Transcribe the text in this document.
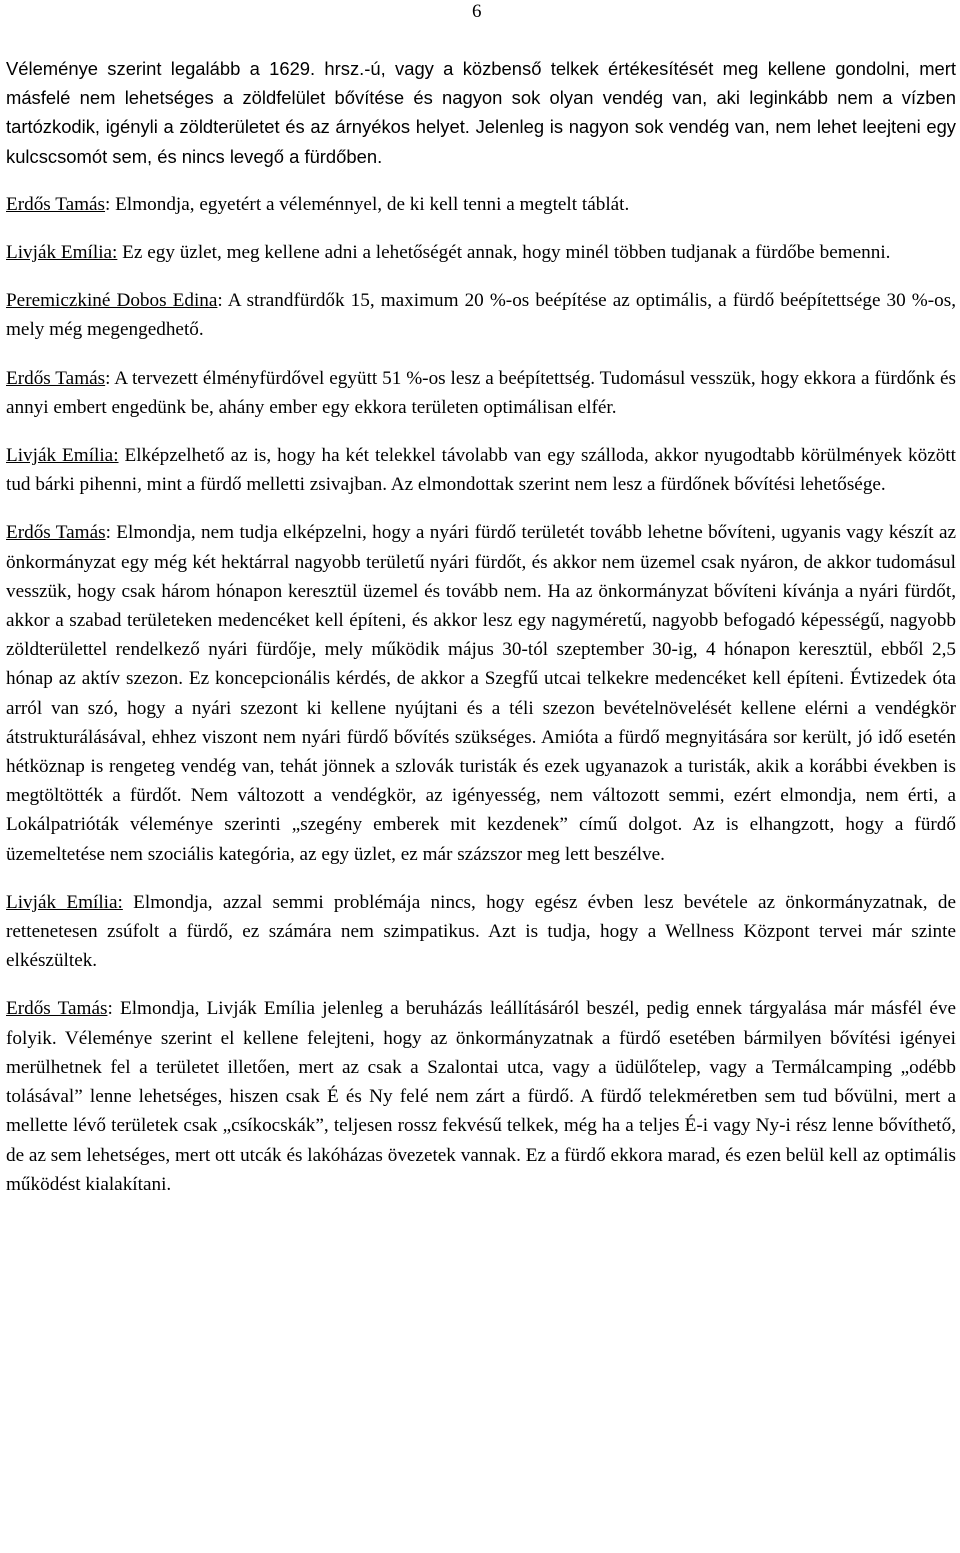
6

Véleménye szerint legalább a 1629. hrsz.-ú, vagy a közbenső telkek értékesítését meg kellene gondolni, mert másfelé nem lehetséges a zöldfelület bővítése és nagyon sok olyan vendég van, aki leginkább nem a vízben tartózkodik, igényli a zöldterületet és az árnyékos helyet. Jelenleg is nagyon sok vendég van, nem lehet leejteni egy kulcscsomót sem, és nincs levegő a fürdőben.

Erdős Tamás: Elmondja, egyetért a véleménnyel, de ki kell tenni a megtelt táblát.

Livják Emília: Ez egy üzlet, meg kellene adni a lehetőségét annak, hogy minél többen tudjanak a fürdőbe bemenni.

Peremiczkiné Dobos Edina: A strandfürdők 15, maximum 20 %-os beépítése az optimális, a fürdő beépítettsége 30 %-os, mely még megengedhető.

Erdős Tamás: A tervezett élményfürdővel együtt 51 %-os lesz a beépítettség. Tudomásul vesszük, hogy ekkora a fürdőnk és annyi embert engedünk be, ahány ember egy ekkora területen optimálisan elfér.

Livják Emília: Elképzelhető az is, hogy ha két telekkel távolabb van egy szálloda, akkor nyugodtabb körülmények között tud bárki pihenni, mint a fürdő melletti zsivajban. Az elmondottak szerint nem lesz a fürdőnek bővítési lehetősége.

Erdős Tamás: Elmondja, nem tudja elképzelni, hogy a nyári fürdő területét tovább lehetne bővíteni, ugyanis vagy készít az önkormányzat egy még két hektárral nagyobb területű nyári fürdőt, és akkor nem üzemel csak nyáron, de akkor tudomásul vesszük, hogy csak három hónapon keresztül üzemel és tovább nem. Ha az önkormányzat bővíteni kívánja a nyári fürdőt, akkor a szabad területeken medencéket kell építeni, és akkor lesz egy nagyméretű, nagyobb befogadó képességű, nagyobb zöldterülettel rendelkező nyári fürdője, mely működik május 30-tól szeptember 30-ig, 4 hónapon keresztül, ebből 2,5 hónap az aktív szezon. Ez koncepcionális kérdés, de akkor a Szegfű utcai telkekre medencéket kell építeni. Évtizedek óta arról van szó, hogy a nyári szezont ki kellene nyújtani és a téli szezon bevételnövelését kellene elérni a vendégkör átstrukturálásával, ehhez viszont nem nyári fürdő bővítés szükséges. Amióta a fürdő megnyitására sor került, jó idő esetén hétköznap is rengeteg vendég van, tehát jönnek a szlovák turisták és ezek ugyanazok a turisták, akik a korábbi években is megtöltötték a fürdőt. Nem változott a vendégkör, az igényesség, nem változott semmi, ezért elmondja, nem érti, a Lokálpatrióták véleménye szerinti „szegény emberek mit kezdenek” című dolgot. Az is elhangzott, hogy a fürdő üzemeltetése nem szociális kategória, az egy üzlet, ez már százszor meg lett beszélve.

Livják Emília: Elmondja, azzal semmi problémája nincs, hogy egész évben lesz bevétele az önkormányzatnak, de rettenetesen zsúfolt a fürdő, ez számára nem szimpatikus. Azt is tudja, hogy a Wellness Központ tervei már szinte elkészültek.

Erdős Tamás: Elmondja, Livják Emília jelenleg a beruházás leállításáról beszél, pedig ennek tárgyalása már másfél éve folyik. Véleménye szerint el kellene felejteni, hogy az önkormányzatnak a fürdő esetében bármilyen bővítési igényei merülhetnek fel a területet illetően, mert az csak a Szalontai utca, vagy a üdülőtelep, vagy a Termálcamping „odébb tolásával” lenne lehetséges, hiszen csak É és Ny felé nem zárt a fürdő. A fürdő telekméretben sem tud bővülni, mert a mellette lévő területek csak „csíkocskák”, teljesen rossz fekvésű telkek, még ha a teljes É-i vagy Ny-i rész lenne bővíthető, de az sem lehetséges, mert ott utcák és lakóházas övezetek vannak. Ez a fürdő ekkora marad, és ezen belül kell az optimális működést kialakítani.
